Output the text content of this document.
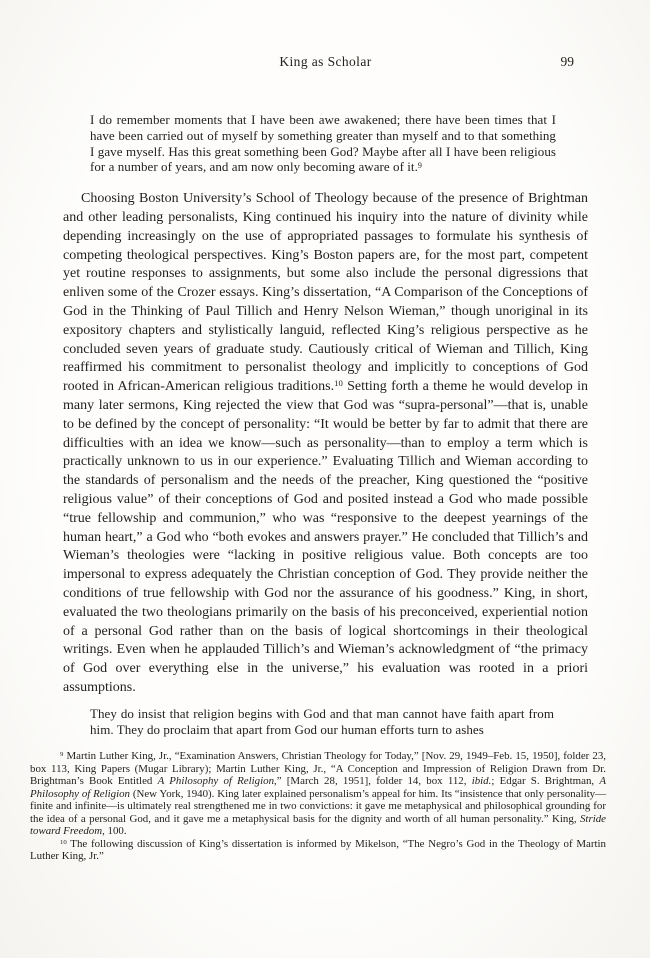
King as Scholar	99
I do remember moments that I have been awe awakened; there have been times that I have been carried out of myself by something greater than myself and to that something I gave myself. Has this great something been God? Maybe after all I have been religious for a number of years, and am now only becoming aware of it.$^9$

Choosing Boston University’s School of Theology because of the presence of Brightman and other leading personalists, King continued his inquiry into the nature of divinity while depending increasingly on the use of appropriated passages to formulate his synthesis of competing theological perspectives. King’s Boston papers are, for the most part, competent yet routine responses to assignments, but some also include the personal digressions that enliven some of the Crozer essays. King’s dissertation, “A Comparison of the Conceptions of God in the Thinking of Paul Tillich and Henry Nelson Wieman,” though unoriginal in its expository chapters and stylistically languid, reflected King’s religious perspective as he concluded seven years of graduate study. Cautiously critical of Wieman and Tillich, King reaffirmed his commitment to personalist theology and implicitly to conceptions of God rooted in African-American religious traditions.$^{10}$ Setting forth a theme he would develop in many later sermons, King rejected the view that God was “supra-personal”—that is, unable to be defined by the concept of personality: “It would be better by far to admit that there are difficulties with an idea we know—such as personality—than to employ a term which is practically unknown to us in our experience.” Evaluating Tillich and Wieman according to the standards of personalism and the needs of the preacher, King questioned the “positive religious value” of their conceptions of God and posited instead a God who made possible “true fellowship and communion,” who was “responsive to the deepest yearnings of the human heart,” a God who “both evokes and answers prayer.” He concluded that Tillich’s and Wieman’s theologies were “lacking in positive religious value. Both concepts are too impersonal to express adequately the Christian conception of God. They provide neither the conditions of true fellowship with God nor the assurance of his goodness.” King, in short, evaluated the two theologians primarily on the basis of his preconceived, experiential notion of a personal God rather than on the basis of logical shortcomings in their theological writings. Even when he applauded Tillich’s and Wieman’s acknowledgment of “the primacy of God over everything else in the universe,” his evaluation was rooted in a priori assumptions.

They do insist that religion begins with God and that man cannot have faith apart from him. They do proclaim that apart from God our human efforts turn to ashes

$^9$ Martin Luther King, Jr., “Examination Answers, Christian Theology for Today,” [Nov. 29, 1949–Feb. 15, 1950], folder 23, box 113, King Papers (Mugar Library); Martin Luther King, Jr., “A Conception and Impression of Religion Drawn from Dr. Brightman’s Book Entitled A Philosophy of Religion,” [March 28, 1951], folder 14, box 112, ibid.; Edgar S. Brightman, A Philosophy of Religion (New York, 1940). King later explained personalism’s appeal for him. Its “insistence that only personality—finite and infinite—is ultimately real strengthened me in two convictions: it gave me metaphysical and philosophical grounding for the idea of a personal God, and it gave me a metaphysical basis for the dignity and worth of all human personality.” King, Stride toward Freedom, 100.

$^{10}$ The following discussion of King’s dissertation is informed by Mikelson, “The Negro’s God in the Theology of Martin Luther King, Jr.”
